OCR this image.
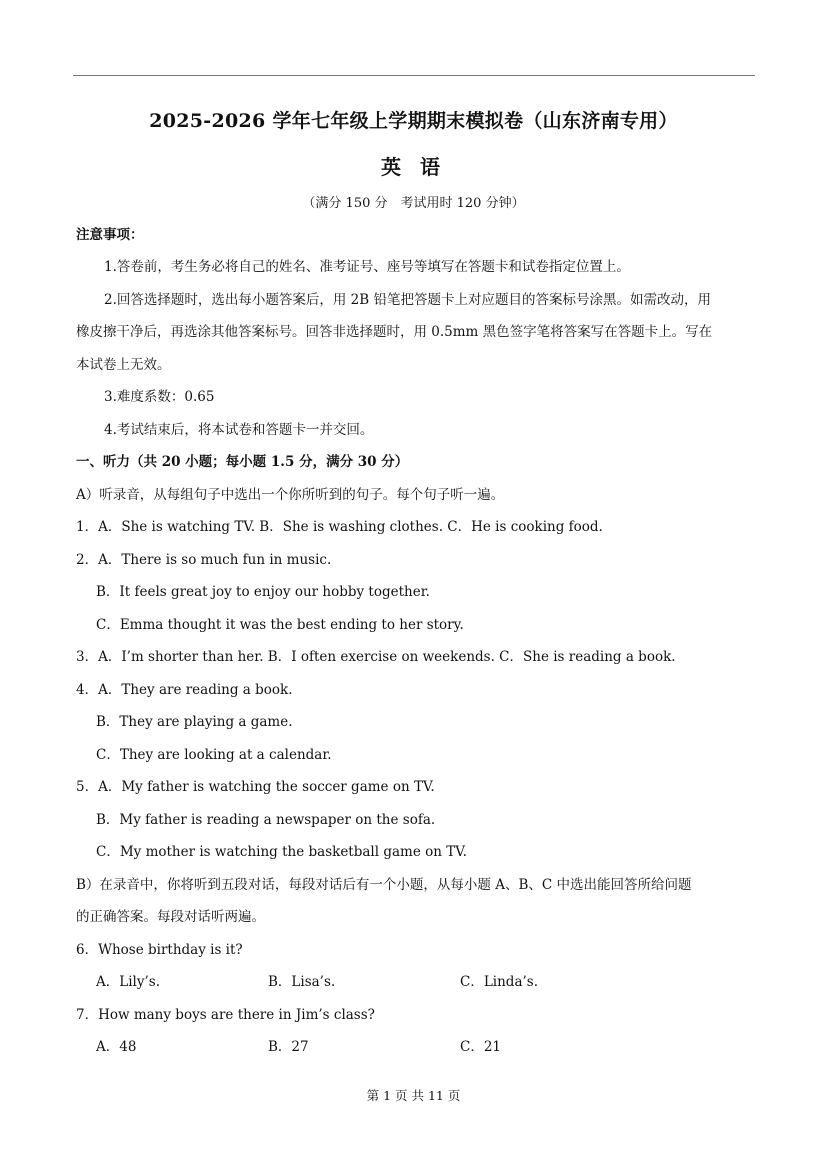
2025-2026 学年七年级上学期期末模拟卷（山东济南专用）
英 语
（满分 150 分　考试用时 120 分钟）
注意事项：
1.答卷前，考生务必将自己的姓名、准考证号、座号等填写在答题卡和试卷指定位置上。
2.回答选择题时，选出每小题答案后，用 2B 铅笔把答题卡上对应题目的答案标号涂黑。如需改动，用
橡皮擦干净后，再选涂其他答案标号。回答非选择题时，用 0.5mm 黑色签字笔将答案写在答题卡上。写在
本试卷上无效。
3.难度系数：0.65
4.考试结束后，将本试卷和答题卡一并交回。
一、听力（共 20 小题；每小题 1.5 分，满分 30 分）
A）听录音，从每组句子中选出一个你所听到的句子。每个句子听一遍。
1．A．She is watching TV. B．She is washing clothes. C．He is cooking food.
2．A．There is so much fun in music.
B．It feels great joy to enjoy our hobby together.
C．Emma thought it was the best ending to her story.
3．A．I’m shorter than her. B．I often exercise on weekends. C．She is reading a book.
4．A．They are reading a book.
B．They are playing a game.
C．They are looking at a calendar.
5．A．My father is watching the soccer game on TV.
B．My father is reading a newspaper on the sofa.
C．My mother is watching the basketball game on TV.
B）在录音中，你将听到五段对话，每段对话后有一个小题，从每小题 A、B、C 中选出能回答所给问题
的正确答案。每段对话听两遍。
6．Whose birthday is it?
A．Lily’s.	B．Lisa’s.	C．Linda’s.
7．How many boys are there in Jim’s class?
A．48	B．27	C．21
第 1 页 共 11 页
